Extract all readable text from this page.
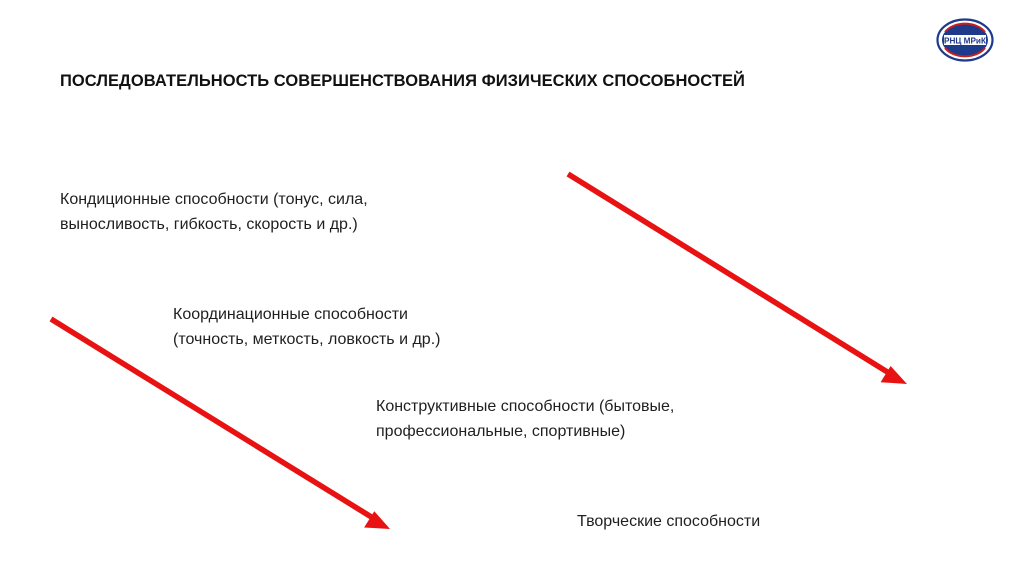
РНЦ МРиК
ПОСЛЕДОВАТЕЛЬНОСТЬ СОВЕРШЕНСТВОВАНИЯ ФИЗИЧЕСКИХ СПОСОБНОСТЕЙ
Кондиционные способности (тонус, сила,
выносливость, гибкость, скорость и др.)
Координационные способности
(точность, меткость, ловкость и др.)
Конструктивные способности (бытовые,
профессиональные, спортивные)
Творческие способности
